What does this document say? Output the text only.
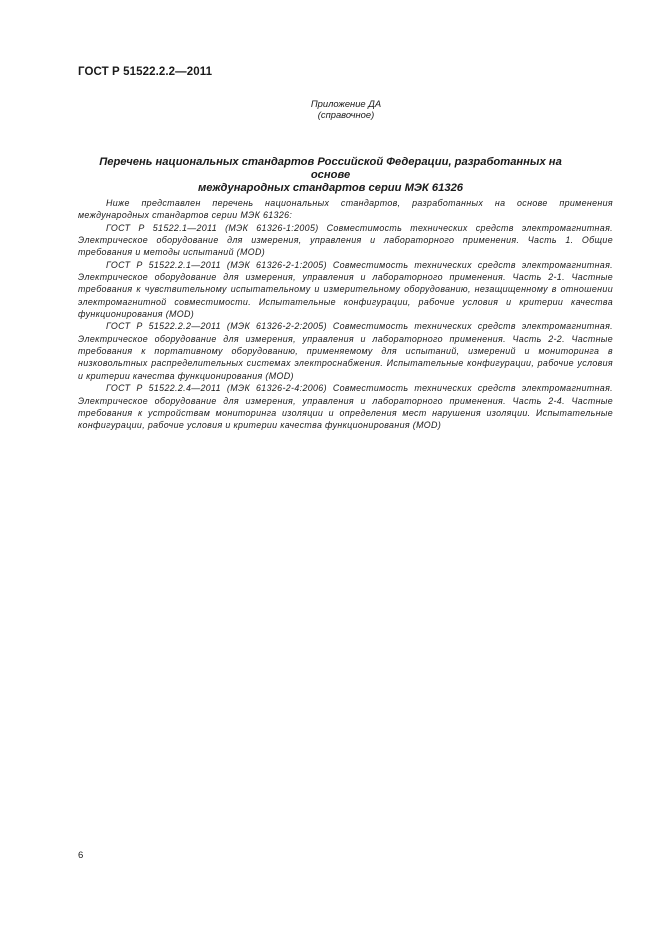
ГОСТ Р 51522.2.2—2011
Приложение ДА
(справочное)
Перечень национальных стандартов Российской Федерации, разработанных на основе
международных стандартов серии МЭК 61326

Ниже представлен перечень национальных стандартов, разработанных на основе применения международных стандартов серии МЭК 61326:

ГОСТ Р 51522.1—2011 (МЭК 61326-1:2005) Совместимость технических средств электромагнитная. Электрическое оборудование для измерения, управления и лабораторного применения. Часть 1. Общие требования и методы испытаний (MOD)

ГОСТ Р 51522.2.1—2011 (МЭК 61326-2-1:2005) Совместимость технических средств электромагнитная. Электрическое оборудование для измерения, управления и лабораторного применения. Часть 2-1. Частные требования к чувствительному испытательному и измерительному оборудованию, незащищенному в отношении электромагнитной совместимости. Испытательные конфигурации, рабочие условия и критерии качества функционирования (MOD)

ГОСТ Р 51522.2.2—2011 (МЭК 61326-2-2:2005) Совместимость технических средств электромагнитная. Электрическое оборудование для измерения, управления и лабораторного применения. Часть 2-2. Частные требования к портативному оборудованию, применяемому для испытаний, измерений и мониторинга в низковольтных распределительных системах электроснабжения. Испытательные конфигурации, рабочие условия и критерии качества функционирования (MOD)

ГОСТ Р 51522.2.4—2011 (МЭК 61326-2-4:2006) Совместимость технических средств электромагнитная. Электрическое оборудование для измерения, управления и лабораторного применения. Часть 2-4. Частные требования к устройствам мониторинга изоляции и определения мест нарушения изоляции. Испытательные конфигурации, рабочие условия и критерии качества функционирования (MOD)

6
